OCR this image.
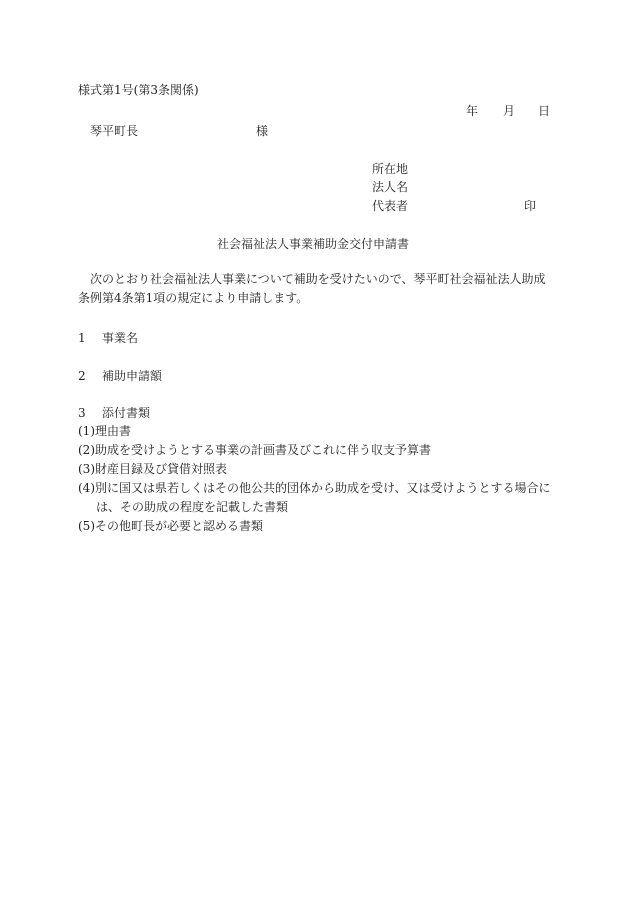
様式第1号(第3条関係)
年 月 日
琴平町長	様
所在地
法人名
代表者	印
社会福祉法人事業補助金交付申請書
次のとおり社会福祉法人事業について補助を受けたいので、琴平町社会福祉法人助成条例第4条第1項の規定により申請します。
1 事業名
2 補助申請額
3 添付書類
(1)理由書
(2)助成を受けようとする事業の計画書及びこれに伴う収支予算書
(3)財産目録及び貸借対照表
(4)別に国又は県若しくはその他公共的団体から助成を受け、又は受けようとする場合に
は、その助成の程度を記載した書類
(5)その他町長が必要と認める書類
